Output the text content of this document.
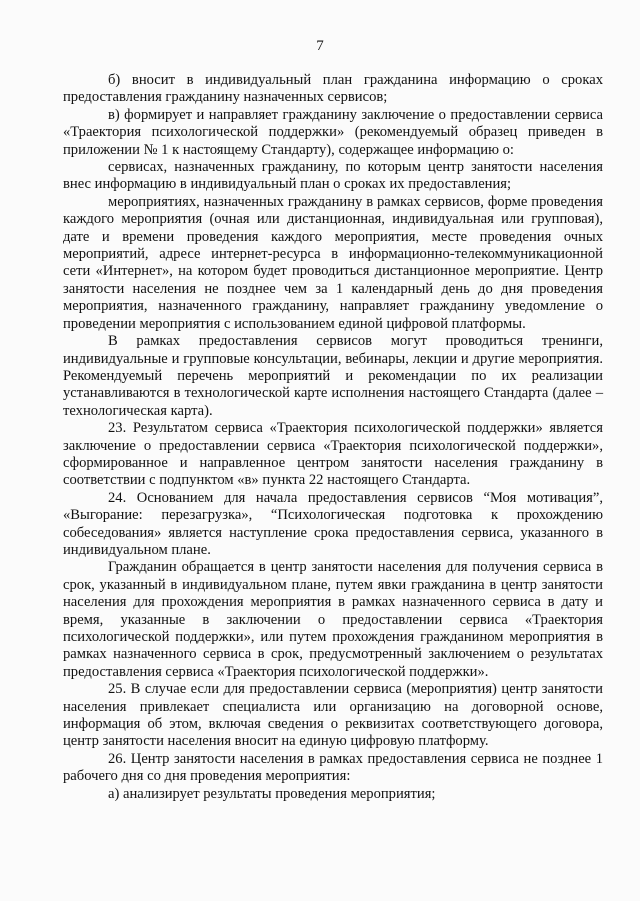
7

б) вносит в индивидуальный план гражданина информацию о сроках предоставления гражданину назначенных сервисов;

в) формирует и направляет гражданину заключение о предоставлении сервиса «Траектория психологической поддержки» (рекомендуемый образец приведен в приложении № 1 к настоящему Стандарту), содержащее информацию о:

сервисах, назначенных гражданину, по которым центр занятости населения внес информацию в индивидуальный план о сроках их предоставления;

мероприятиях, назначенных гражданину в рамках сервисов, форме проведения каждого мероприятия (очная или дистанционная, индивидуальная или групповая), дате и времени проведения каждого мероприятия, месте проведения очных мероприятий, адресе интернет-ресурса в информационно-телекоммуникационной сети «Интернет», на котором будет проводиться дистанционное мероприятие. Центр занятости населения не позднее чем за 1 календарный день до дня проведения мероприятия, назначенного гражданину, направляет гражданину уведомление о проведении мероприятия с использованием единой цифровой платформы.

В рамках предоставления сервисов могут проводиться тренинги, индивидуальные и групповые консультации, вебинары, лекции и другие мероприятия. Рекомендуемый перечень мероприятий и рекомендации по их реализации устанавливаются в технологической карте исполнения настоящего Стандарта (далее – технологическая карта).

23. Результатом сервиса «Траектория психологической поддержки» является заключение о предоставлении сервиса «Траектория психологической поддержки», сформированное и направленное центром занятости населения гражданину в соответствии с подпунктом «в» пункта 22 настоящего Стандарта.

24. Основанием для начала предоставления сервисов “Моя мотивация”, «Выгорание: перезагрузка», “Психологическая подготовка к прохождению собеседования» является наступление срока предоставления сервиса, указанного в индивидуальном плане.

Гражданин обращается в центр занятости населения для получения сервиса в срок, указанный в индивидуальном плане, путем явки гражданина в центр занятости населения для прохождения мероприятия в рамках назначенного сервиса в дату и время, указанные в заключении о предоставлении сервиса «Траектория психологической поддержки», или путем прохождения гражданином мероприятия в рамках назначенного сервиса в срок, предусмотренный заключением о результатах предоставления сервиса «Траектория психологической поддержки».

25. В случае если для предоставлении сервиса (мероприятия) центр занятости населения привлекает специалиста или организацию на договорной основе, информация об этом, включая сведения о реквизитах соответствующего договора, центр занятости населения вносит на единую цифровую платформу.

26. Центр занятости населения в рамках предоставления сервиса не позднее 1 рабочего дня со дня проведения мероприятия:

а) анализирует результаты проведения мероприятия;
